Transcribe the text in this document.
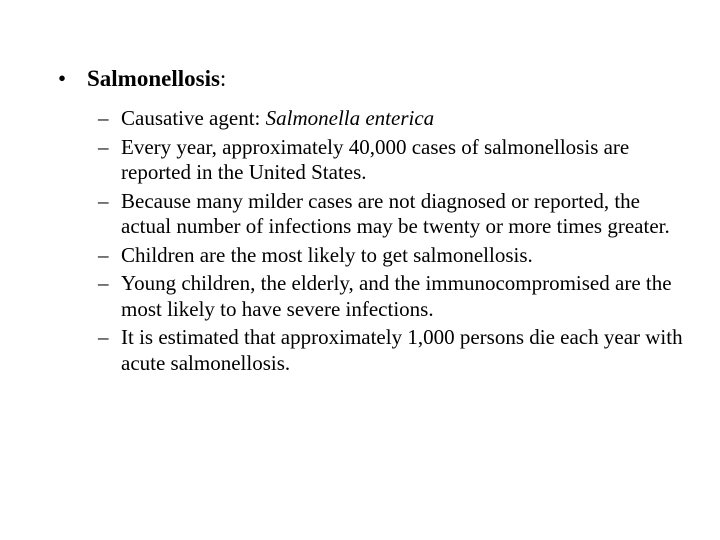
• Salmonellosis:
– Causative agent: Salmonella enterica
– Every year, approximately 40,000 cases of salmonellosis are reported in the United States.
– Because many milder cases are not diagnosed or reported, the actual number of infections may be twenty or more times greater.
– Children are the most likely to get salmonellosis.
– Young children, the elderly, and the immunocompromised are the most likely to have severe infections.
– It is estimated that approximately 1,000 persons die each year with acute salmonellosis.
